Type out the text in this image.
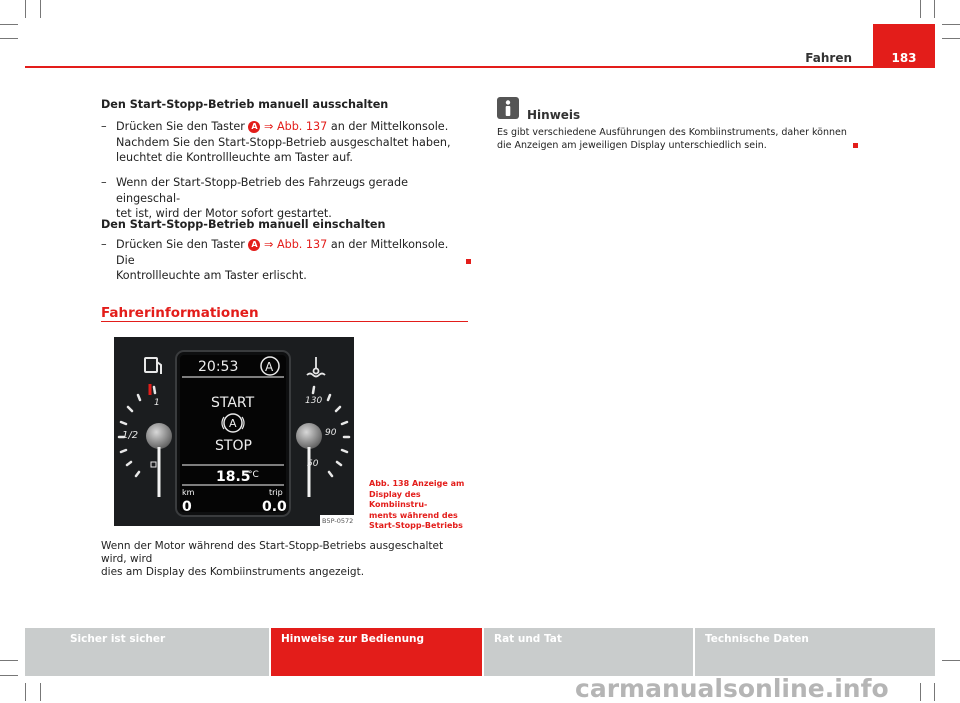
Fahren	183
Den Start-Stopp-Betrieb manuell ausschalten
– Drücken Sie den Taster A ⇒ Abb. 137 an der Mittelkonsole.
Nachdem Sie den Start-Stopp-Betrieb ausgeschaltet haben,
leuchtet die Kontrollleuchte am Taster auf.
– Wenn der Start-Stopp-Betrieb des Fahrzeugs gerade eingeschal-
tet ist, wird der Motor sofort gestartet.
Den Start-Stopp-Betrieb manuell einschalten
– Drücken Sie den Taster A ⇒ Abb. 137 an der Mittelkonsole. Die
Kontrollleuchte am Taster erlischt.
Fahrerinformationen
20:53 A
START
A
STOP
18.5
°C
km
0
trip
0.0
1/2
1	130
90
50
B5P-0572
Abb. 138 Anzeige am
Display des Kombiinstru-
ments während des
Start-Stopp-Betriebs
Wenn der Motor während des Start-Stopp-Betriebs ausgeschaltet wird, wird
dies am Display des Kombiinstruments angezeigt.
Hinweis
Es gibt verschiedene Ausführungen des Kombiinstruments, daher können
die Anzeigen am jeweiligen Display unterschiedlich sein.
Sicher ist sicher	Hinweise zur Bedienung	Rat und Tat	Technische Daten
carmanualsonline.info
